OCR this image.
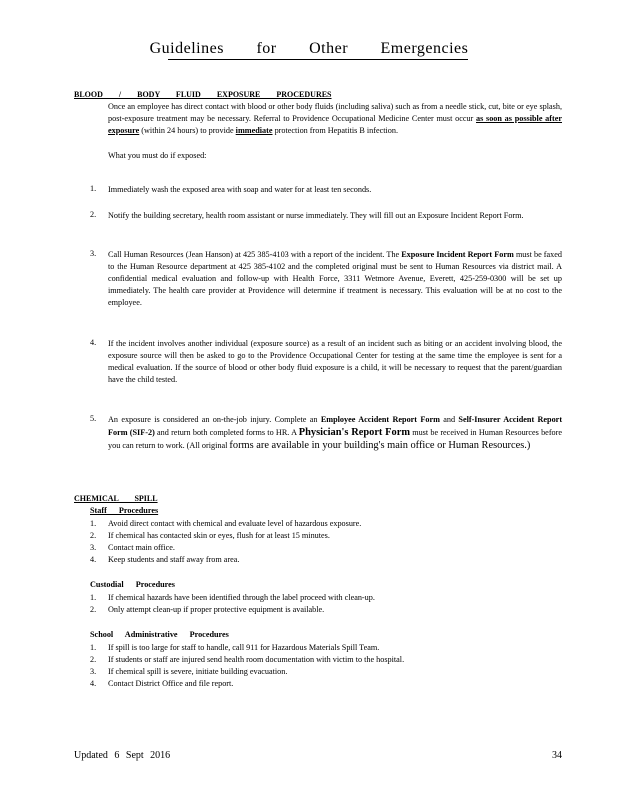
Guidelines for Other Emergencies
BLOOD / BODY FLUID EXPOSURE PROCEDURES
Once an employee has direct contact with blood or other body fluids (including saliva) such as from a needle stick, cut, bite or eye splash, post-exposure treatment may be necessary. Referral to Providence Occupational Medicine Center must occur as soon as possible after exposure (within 24 hours) to provide immediate protection from Hepatitis B infection.
What you must do if exposed:
1. Immediately wash the exposed area with soap and water for at least ten seconds.
2. Notify the building secretary, health room assistant or nurse immediately. They will fill out an Exposure Incident Report Form.
3. Call Human Resources (Jean Hanson) at 425 385-4103 with a report of the incident. The Exposure Incident Report Form must be faxed to the Human Resource department at 425 385-4102 and the completed original must be sent to Human Resources via district mail. A confidential medical evaluation and follow-up with Health Force, 3311 Wetmore Avenue, Everett, 425-259-0300 will be set up immediately. The health care provider at Providence will determine if treatment is necessary. This evaluation will be at no cost to the employee.
4. If the incident involves another individual (exposure source) as a result of an incident such as biting or an accident involving blood, the exposure source will then be asked to go to the Providence Occupational Center for testing at the same time the employee is sent for a medical evaluation. If the source of blood or other body fluid exposure is a child, it will be necessary to request that the parent/guardian have the child tested.
5. An exposure is considered an on-the-job injury. Complete an Employee Accident Report Form and Self-Insurer Accident Report Form (SIF-2) and return both completed forms to HR. A Physician's Report Form must be received in Human Resources before you can return to work. (All original forms are available in your building's main office or Human Resources.)
CHEMICAL SPILL
Staff Procedures
1. Avoid direct contact with chemical and evaluate level of hazardous exposure.
2. If chemical has contacted skin or eyes, flush for at least 15 minutes.
3. Contact main office.
4. Keep students and staff away from area.
Custodial Procedures
1. If chemical hazards have been identified through the label proceed with clean-up.
2. Only attempt clean-up if proper protective equipment is available.
School Administrative Procedures
1. If spill is too large for staff to handle, call 911 for Hazardous Materials Spill Team.
2. If students or staff are injured send health room documentation with victim to the hospital.
3. If chemical spill is severe, initiate building evacuation.
4. Contact District Office and file report.
Updated 6 Sept 2016	34
